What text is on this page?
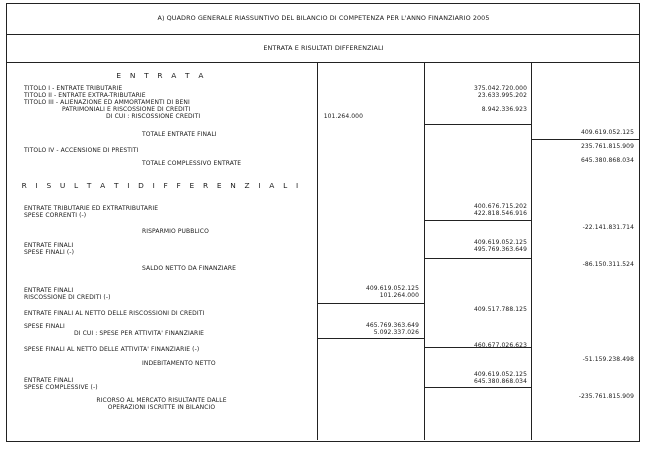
A) QUADRO GENERALE RIASSUNTIVO DEL BILANCIO DI COMPETENZA PER L'ANNO FINANZIARIO 2005
ENTRATA E RISULTATI DIFFERENZIALI
E N T R A T A
TITOLO I - ENTRATE TRIBUTARIE
TITOLO II - ENTRATE EXTRA-TRIBUTARIE
TITOLO III - ALIENAZIONE ED AMMORTAMENTI DI BENI
PATRIMONIALI E RISCOSSIONE DI CREDITI
DI CUI : RISCOSSIONE CREDITI
375.042.720.000
23.633.995.202
8.942.336.923
101.264.000
TOTALE ENTRATE FINALI	409.619.052.125
TITOLO IV - ACCENSIONE DI PRESTITI
235.761.815.909
TOTALE COMPLESSIVO ENTRATE	645.380.868.034
R I S U L T A T I D I F F E R E N Z I A L I
ENTRATE TRIBUTARIE ED EXTRATRIBUTARIE
SPESE CORRENTI (-)
400.676.715.202
422.818.546.916
RISPARMIO PUBBLICO
-22.141.831.714
ENTRATE FINALI
SPESE FINALI (-)
409.619.052.125
495.769.363.649
SALDO NETTO DA FINANZIARE
-86.150.311.524
ENTRATE FINALI
RISCOSSIONE DI CREDITI (-)
409.619.052.125
101.264.000
ENTRATE FINALI AL NETTO DELLE RISCOSSIONI DI CREDITI
409.517.788.125
SPESE FINALI
DI CUI : SPESE PER ATTIVITA' FINANZIARIE
465.769.363.649
5.092.337.026
SPESE FINALI AL NETTO DELLE ATTIVITA' FINANZIARIE (-)
460.677.026.623
INDEBITAMENTO NETTO
-51.159.238.498
ENTRATE FINALI
SPESE COMPLESSIVE (-)
409.619.052.125
645.380.868.034
RICORSO AL MERCATO RISULTANTE DALLE
OPERAZIONI ISCRITTE IN BILANCIO
-235.761.815.909
